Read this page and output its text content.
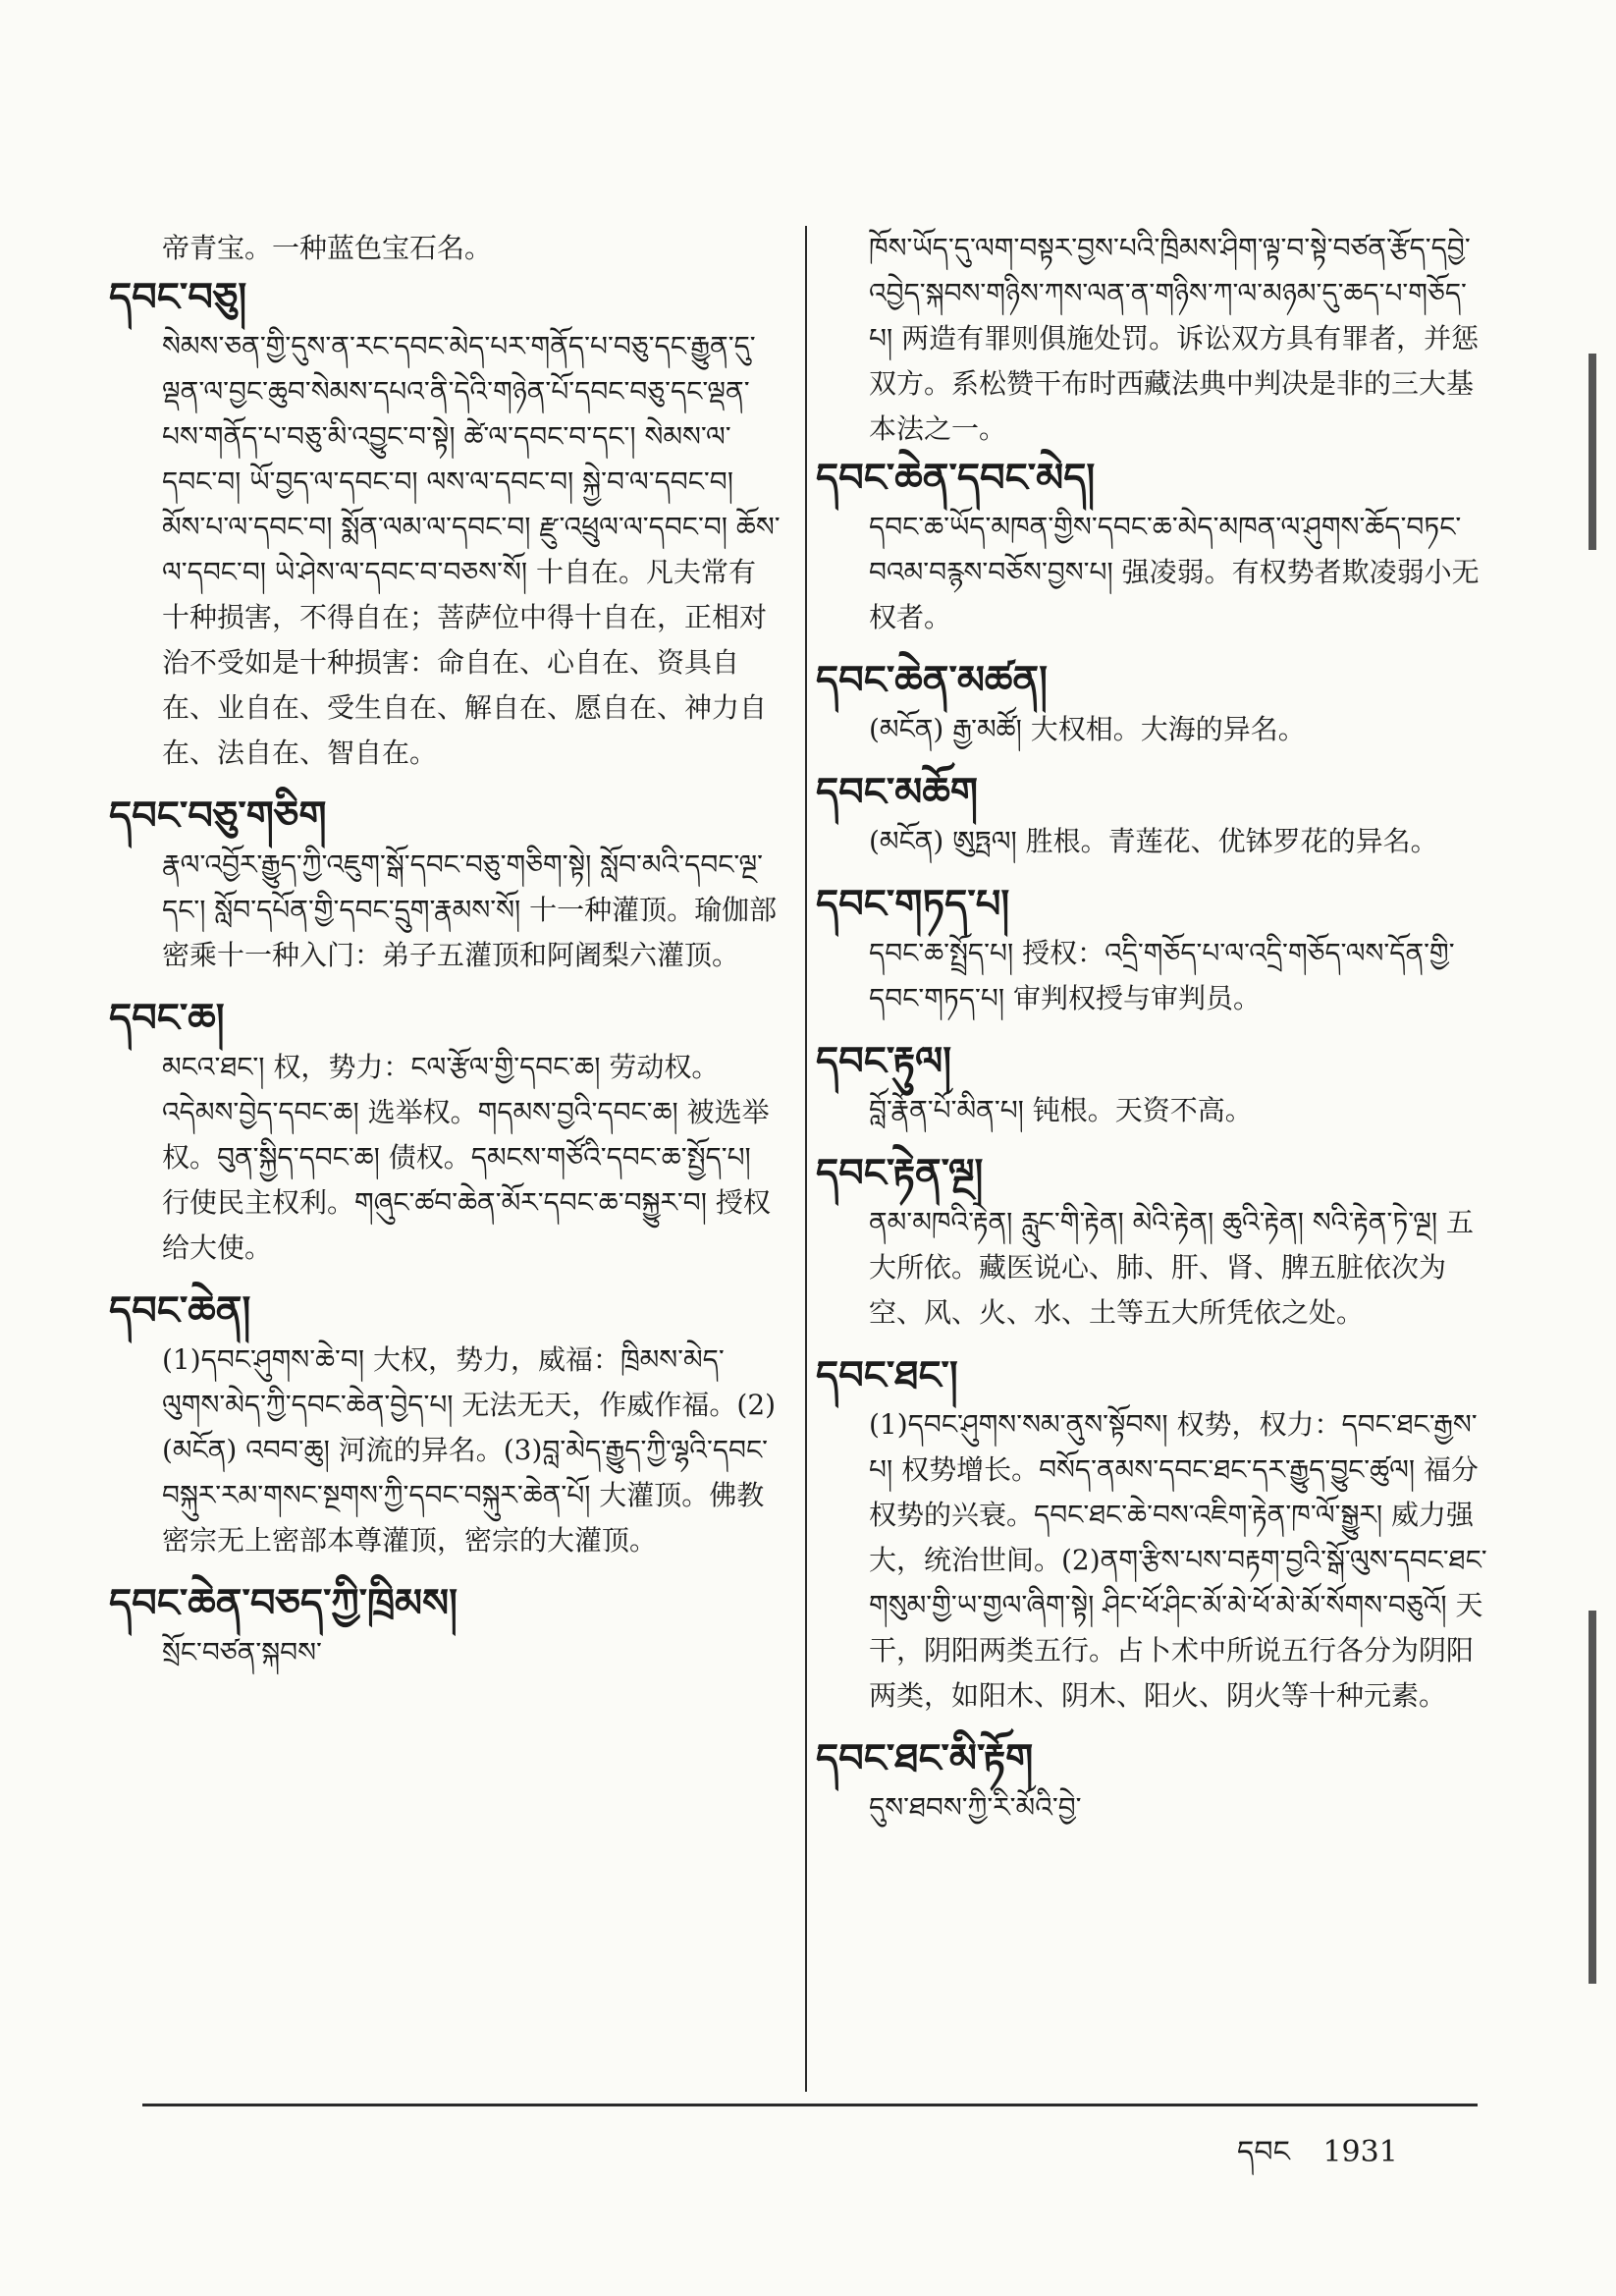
帝青宝。一种蓝色宝石名。
དབང་བཅུ།
སེམས་ཅན་གྱི་དུས་ན་རང་དབང་མེད་པར་གནོད་པ་བཅུ་དང་རྒྱུན་དུ་ལྡན་ལ་བྱང་ཆུབ་སེམས་དཔའ་ནི་དེའི་གཉེན་པོ་དབང་བཅུ་དང་ལྡན་པས་གནོད་པ་བཅུ་མི་འབྱུང་བ་སྟེ། ཚེ་ལ་དབང་བ་དང་། སེམས་ལ་དབང་བ། ཡོ་བྱད་ལ་དབང་བ། ལས་ལ་དབང་བ། སྐྱེ་བ་ལ་དབང་བ། མོས་པ་ལ་དབང་བ། སྨོན་ལམ་ལ་དབང་བ། རྫུ་འཕྲུལ་ལ་དབང་བ། ཆོས་ལ་དབང་བ། ཡེ་ཤེས་ལ་དབང་བ་བཅས་སོ། 十自在。凡夫常有十种损害，不得自在；菩萨位中得十自在，正相对治不受如是十种损害：命自在、心自在、资具自在、业自在、受生自在、解自在、愿自在、神力自在、法自在、智自在。
དབང་བཅུ་གཅིག
རྣལ་འབྱོར་རྒྱུད་ཀྱི་འཇུག་སྒོ་དབང་བཅུ་གཅིག་སྟེ། སློབ་མའི་དབང་ལྔ་དང་། སློབ་དཔོན་གྱི་དབང་དྲུག་རྣམས་སོ། 十一种灌顶。瑜伽部密乘十一种入门：弟子五灌顶和阿阇梨六灌顶。
དབང་ཆ།
མངའ་ཐང་། 权，势力：ངལ་རྩོལ་གྱི་དབང་ཆ། 劳动权。འདེམས་བྱེད་དབང་ཆ། 选举权。གདམས་བྱའི་དབང་ཆ། 被选举权。བུན་སྐྱིད་དབང་ཆ། 债权。དམངས་གཙོའི་དབང་ཆ་སྤྱོད་པ། 行使民主权利。གཞུང་ཚབ་ཆེན་མོར་དབང་ཆ་བསྐྱུར་བ། 授权给大使。
དབང་ཆེན།
(1)དབང་ཤུགས་ཆེ་བ། 大权，势力，威福：ཁྲིམས་མེད་ལུགས་མེད་ཀྱི་དབང་ཆེན་བྱེད་པ། 无法无天，作威作福。(2)(མངོན) འབབ་ཆུ། 河流的异名。(3)བླ་མེད་རྒྱུད་ཀྱི་ལྷའི་དབང་བསྐུར་རམ་གསང་སྔགས་ཀྱི་དབང་བསྐུར་ཆེན་པོ། 大灌顶。佛教密宗无上密部本尊灌顶，密宗的大灌顶。
དབང་ཆེན་བཅད་ཀྱི་ཁྲིམས།
སྲོང་བཙན་སྐབས་
ཁོས་ཡོད་དུ་ལག་བསྟར་བྱས་པའི་ཁྲིམས་ཤིག་ལྟ་བ་སྟེ་བཙན་རྩོད་དབྱེ་འབྱེད་སྐབས་གཉིས་ཀས་ལན་ན་གཉིས་ཀ་ལ་མཉམ་དུ་ཆད་པ་གཅོད་པ། 两造有罪则俱施处罚。诉讼双方具有罪者，并惩双方。系松赞干布时西藏法典中判决是非的三大基本法之一。
དབང་ཆེན་དབང་མེད།
དབང་ཆ་ཡོད་མཁན་གྱིས་དབང་ཆ་མེད་མཁན་ལ་ཤུགས་ཆོད་བཏང་བའམ་བརྙས་བཅོས་བྱས་པ། 强凌弱。有权势者欺凌弱小无权者。
དབང་ཆེན་མཚན།
(མངོན) རྒྱ་མཚོ། 大权相。大海的异名。
དབང་མཆོག
(མངོན) ཨུཏྤལ། 胜根。青莲花、优钵罗花的异名。
དབང་གཏད་པ།
དབང་ཆ་སྤྲོད་པ། 授权：འདྲི་གཅོད་པ་ལ་འདྲི་གཅོད་ལས་དོན་གྱི་དབང་གཏད་པ། 审判权授与审判员。
དབང་རྟུལ།
བློ་རྣོན་པོ་མིན་པ། 钝根。天资不高。
དབང་རྟེན་ལྔ།
ནམ་མཁའི་རྟེན། རླུང་གི་རྟེན། མེའི་རྟེན། ཆུའི་རྟེན། སའི་རྟེན་ཏེ་ལྔ། 五大所依。藏医说心、肺、肝、肾、脾五脏依次为空、风、火、水、土等五大所凭依之处。
དབང་ཐང་།
(1)དབང་ཤུགས་སམ་ནུས་སྟོབས། 权势，权力：དབང་ཐང་རྒྱས་པ། 权势增长。བསོད་ནམས་དབང་ཐང་དར་རྒྱུད་བྱུང་ཚུལ། 福分权势的兴衰。དབང་ཐང་ཆེ་བས་འཇིག་རྟེན་ཁ་ལོ་སྒྱུར། 威力强大，统治世间。(2)ནག་རྩིས་པས་བརྟག་བྱའི་སྒོ་ལུས་དབང་ཐང་གསུམ་གྱི་ཡ་གྱལ་ཞིག་སྟེ། ཤིང་ཕོ་ཤིང་མོ་མེ་ཕོ་མེ་མོ་སོགས་བཅུའོ། 天干，阴阳两类五行。占卜术中所说五行各分为阴阳两类，如阳木、阴木、阳火、阴火等十种元素。
དབང་ཐང་མི་རྟོག
དུས་ཐབས་ཀྱི་རི་མོའི་བྱེ་
དབང 1931
